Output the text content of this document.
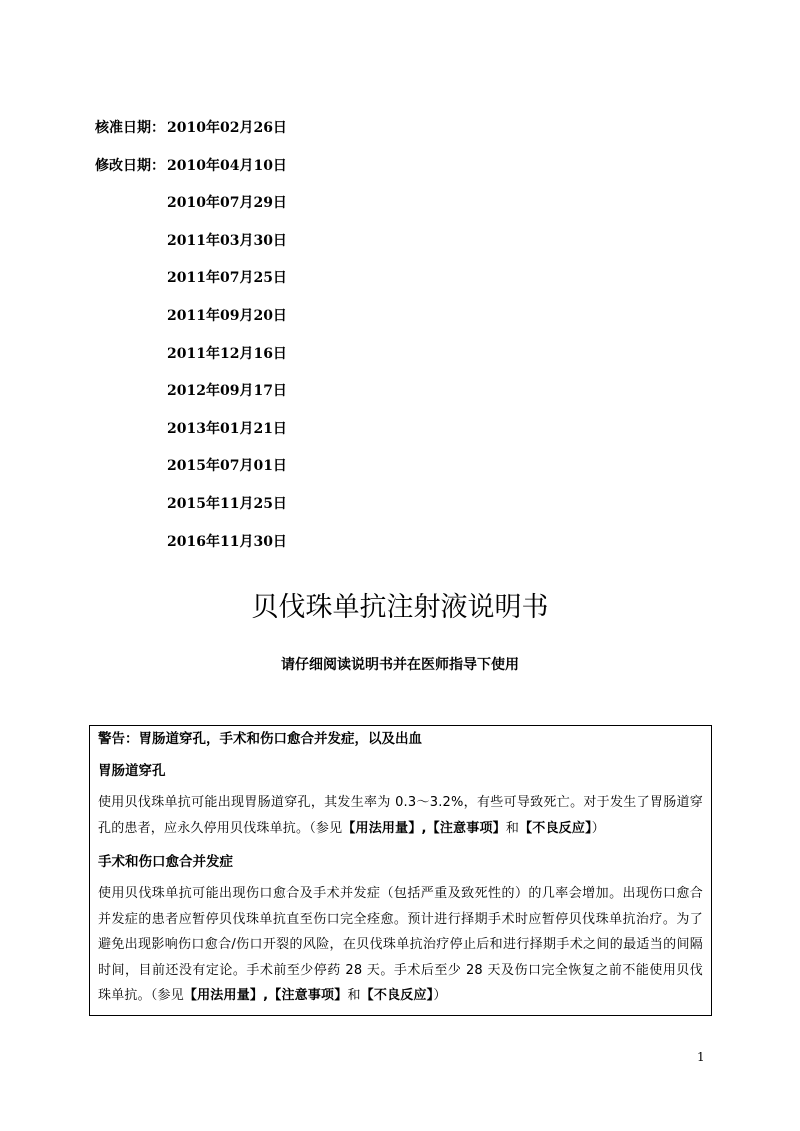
核准日期： 2010年02月26日
修改日期： 2010年04月10日
2010年07月29日
2011年03月30日
2011年07月25日
2011年09月20日
2011年12月16日
2012年09月17日
2013年01月21日
2015年07月01日
2015年11月25日
2016年11月30日
贝伐珠单抗注射液说明书
请仔细阅读说明书并在医师指导下使用
警告：胃肠道穿孔，手术和伤口愈合并发症，以及出血
胃肠道穿孔
使用贝伐珠单抗可能出现胃肠道穿孔，其发生率为 0.3～3.2%，有些可导致死亡。对于发生了胃肠道穿孔的患者，应永久停用贝伐珠单抗。（参见【用法用量】,【注意事项】和【不良反应】）
手术和伤口愈合并发症
使用贝伐珠单抗可能出现伤口愈合及手术并发症（包括严重及致死性的）的几率会增加。出现伤口愈合并发症的患者应暂停贝伐珠单抗直至伤口完全痊愈。预计进行择期手术时应暂停贝伐珠单抗治疗。为了避免出现影响伤口愈合/伤口开裂的风险，在贝伐珠单抗治疗停止后和进行择期手术之间的最适当的间隔时间，目前还没有定论。手术前至少停药 28 天。手术后至少 28 天及伤口完全恢复之前不能使用贝伐珠单抗。（参见【用法用量】,【注意事项】和【不良反应】）
1
